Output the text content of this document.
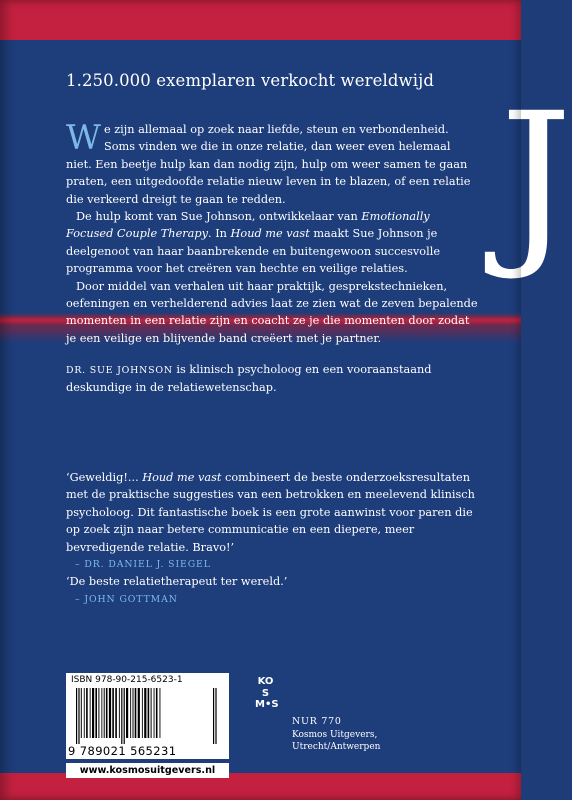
1.250.000 exemplaren verkocht wereldwijd J

We zijn allemaal op zoek naar liefde, steun en verbondenheid. Soms vinden we die in onze relatie, dan weer even helemaal niet. Een beetje hulp kan dan nodig zijn, hulp om weer samen te gaan praten, een uitgedoofde relatie nieuw leven in te blazen, of een relatie die verkeerd dreigt te gaan te redden.

De hulp komt van Sue Johnson, ontwikkelaar van Emotionally Focused Couple Therapy. In Houd me vast maakt Sue Johnson je deelgenoot van haar baanbrekende en buitengewoon succesvolle programma voor het creëren van hechte en veilige relaties.

Door middel van verhalen uit haar praktijk, gesprekstechnieken, oefeningen en verhelderend advies laat ze zien wat de zeven bepalende momenten in een relatie zijn en coacht ze je die momenten door zodat je een veilige en blijvende band creëert met je partner.

DR. SUE JOHNSON is klinisch psycholoog en een vooraanstaand deskundige in de relatiewetenschap.

‘Geweldig!... Houd me vast combineert de beste onderzoeksresultaten met de praktische suggesties van een betrokken en meelevend klinisch psycholoog. Dit fantastische boek is een grote aanwinst voor paren die op zoek zijn naar betere communicatie en een diepere, meer bevredigende relatie. Bravo!’

– DR. DANIEL J. SIEGEL

‘De beste relatietherapeut ter wereld.’

– JOHN GOTTMAN

ISBN 978-90-215-6523-1
9 789021 565231
www.kosmosuitgevers.nl
KO
S
M•S

NUR 770

Kosmos Uitgevers,

Utrecht/Antwerpen
